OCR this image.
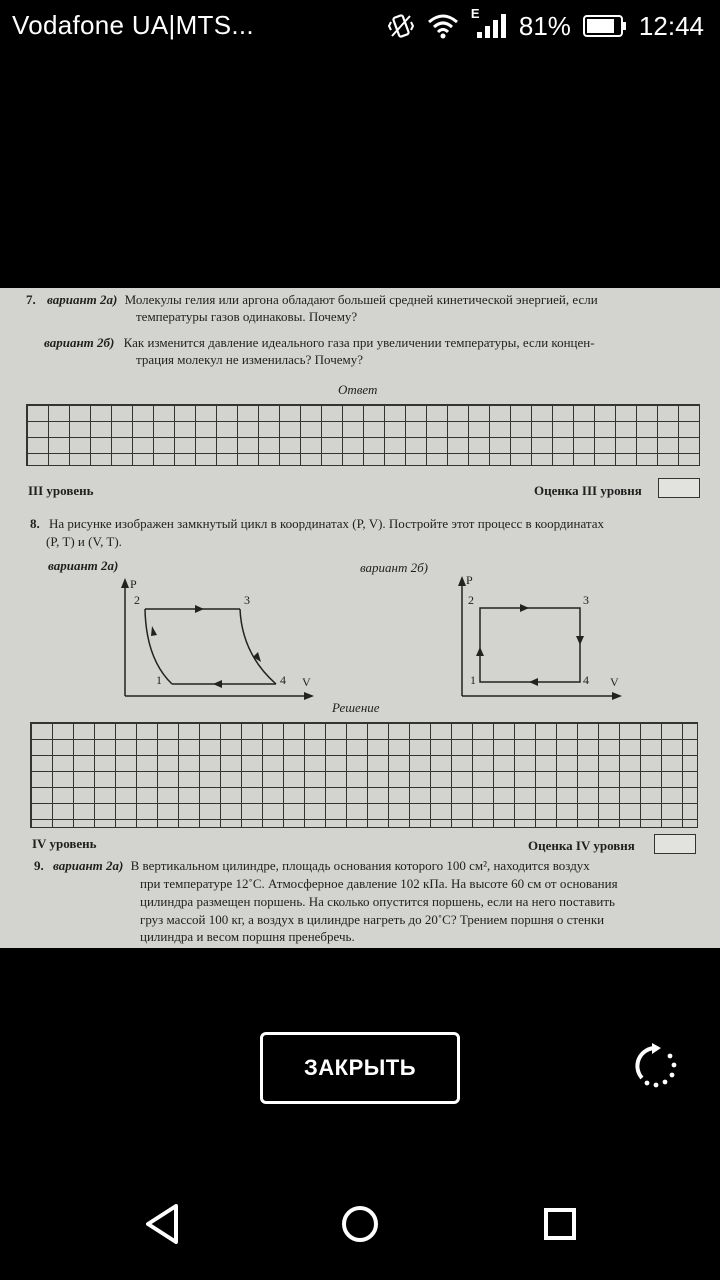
Vodafone UA|MTS...	E 81%	12:44
7. вариант 2а) Молекулы гелия или аргона обладают большей средней кинетической энергией, если
температуры газов одинаковы. Почему?
вариант 2б) Как изменится давление идеального газа при увеличении температуры, если концен-
трация молекул не изменилась? Почему?
Ответ
III уровень	Оценка III уровня
8. На рисунке изображен замкнутый цикл в координатах (P, V). Постройте этот процесс в координатах
(P, T) и (V, T).
вариант 2а)	вариант 2б)
P
V
2	3
4
1
P
V
2	3
4
1
Решение
IV уровень	Оценка IV уровня
9. вариант 2а) В вертикальном цилиндре, площадь основания которого 100 см², находится воздух
при температуре 12˚С. Атмосферное давление 102 кПа. На высоте 60 см от основания
цилиндра размещен поршень. На сколько опустится поршень, если на него поставить
груз массой 100 кг, а воздух в цилиндре нагреть до 20˚С? Трением поршня о стенки
цилиндра и весом поршня пренебречь.
ЗАКРЫТЬ
